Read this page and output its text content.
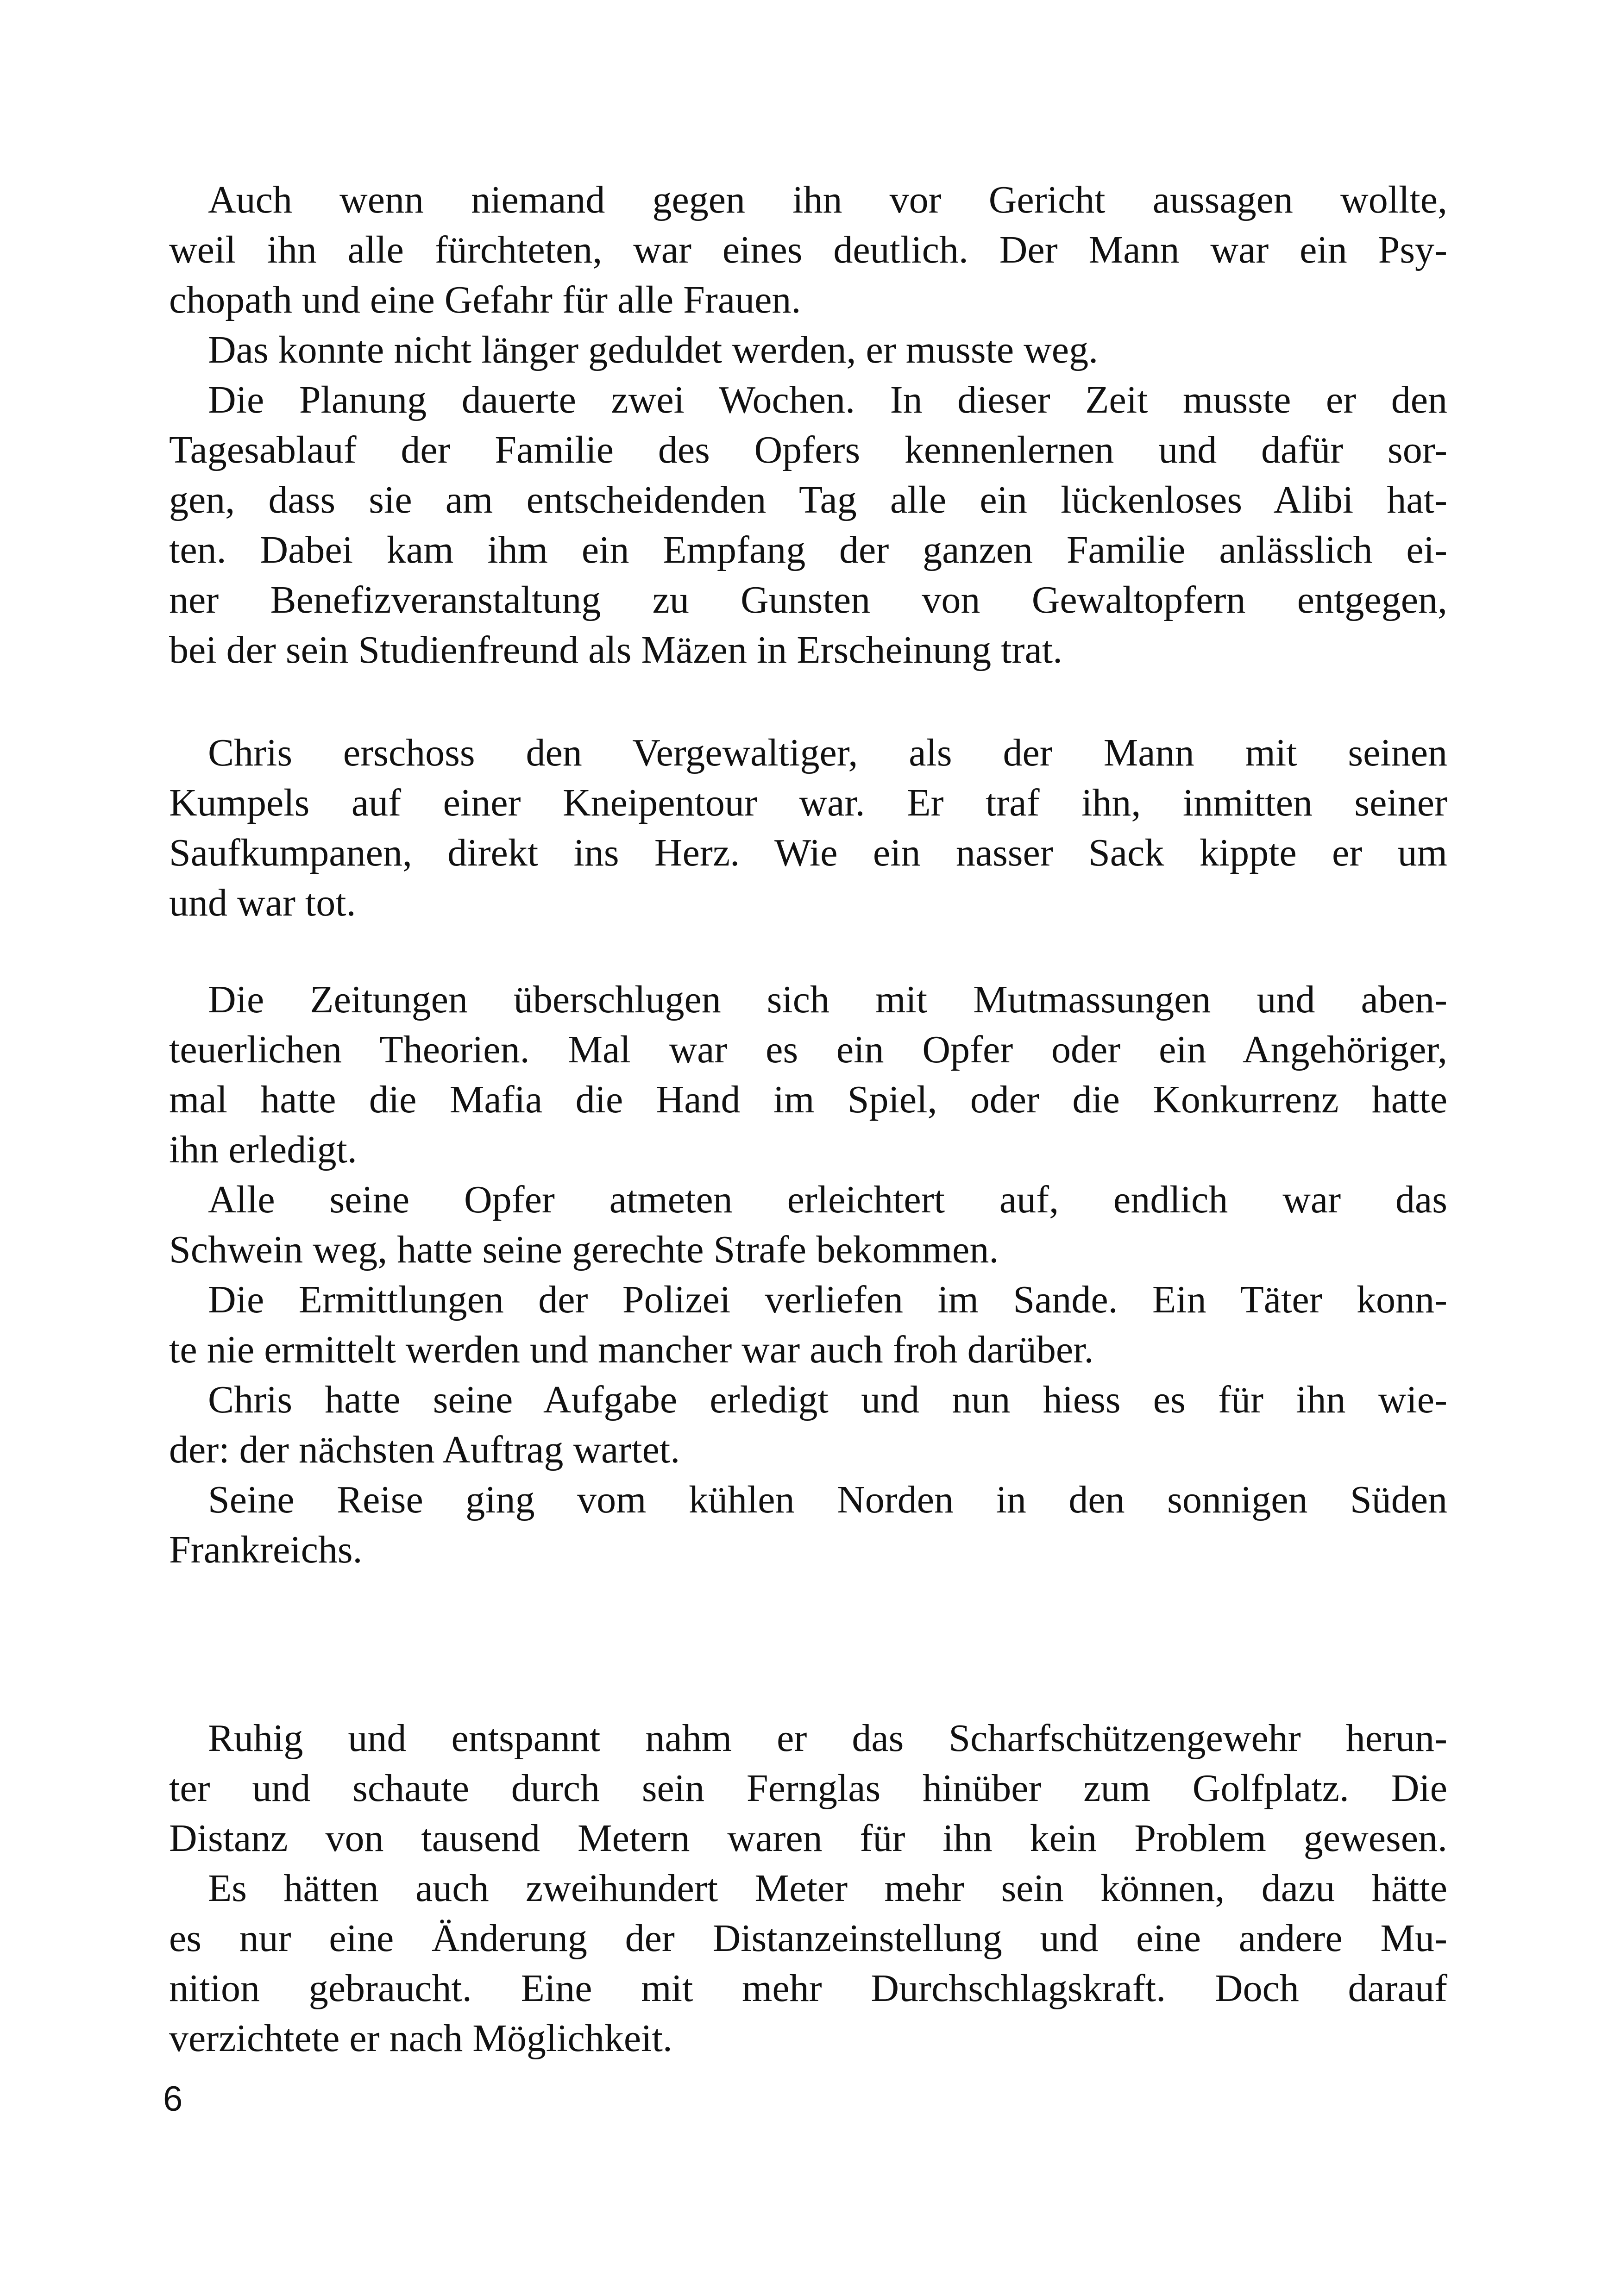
 Auch wenn niemand gegen ihn vor Gericht aussagen wollte,
weil ihn alle fürchteten, war eines deutlich. Der Mann war ein Psy-
chopath und eine Gefahr für alle Frauen.
 Das konnte nicht länger geduldet werden, er musste weg.
 Die Planung dauerte zwei Wochen. In dieser Zeit musste er den
Tagesablauf der Familie des Opfers kennenlernen und dafür sor-
gen, dass sie am entscheidenden Tag alle ein lückenloses Alibi hat-
ten. Dabei kam ihm ein Empfang der ganzen Familie anlässlich ei-
ner Benefizveranstaltung zu Gunsten von Gewaltopfern entgegen,
bei der sein Studienfreund als Mäzen in Erscheinung trat.
 Chris erschoss den Vergewaltiger, als der Mann mit seinen
Kumpels auf einer Kneipentour war. Er traf ihn, inmitten seiner
Saufkumpanen, direkt ins Herz. Wie ein nasser Sack kippte er um
und war tot.
 Die Zeitungen überschlugen sich mit Mutmassungen und aben-
teuerlichen Theorien. Mal war es ein Opfer oder ein Angehöriger,
mal hatte die Mafia die Hand im Spiel, oder die Konkurrenz hatte
ihn erledigt.
 Alle seine Opfer atmeten erleichtert auf, endlich war das
Schwein weg, hatte seine gerechte Strafe bekommen.
 Die Ermittlungen der Polizei verliefen im Sande. Ein Täter konn-
te nie ermittelt werden und mancher war auch froh darüber.
 Chris hatte seine Aufgabe erledigt und nun hiess es für ihn wie-
der: der nächsten Auftrag wartet.
 Seine Reise ging vom kühlen Norden in den sonnigen Süden
Frankreichs.
 Ruhig und entspannt nahm er das Scharfschützengewehr herun-
ter und schaute durch sein Fernglas hinüber zum Golfplatz. Die
Distanz von tausend Metern waren für ihn kein Problem gewesen.
 Es hätten auch zweihundert Meter mehr sein können, dazu hätte
es nur eine Änderung der Distanzeinstellung und eine andere Mu-
nition gebraucht. Eine mit mehr Durchschlagskraft. Doch darauf
verzichtete er nach Möglichkeit.
6
